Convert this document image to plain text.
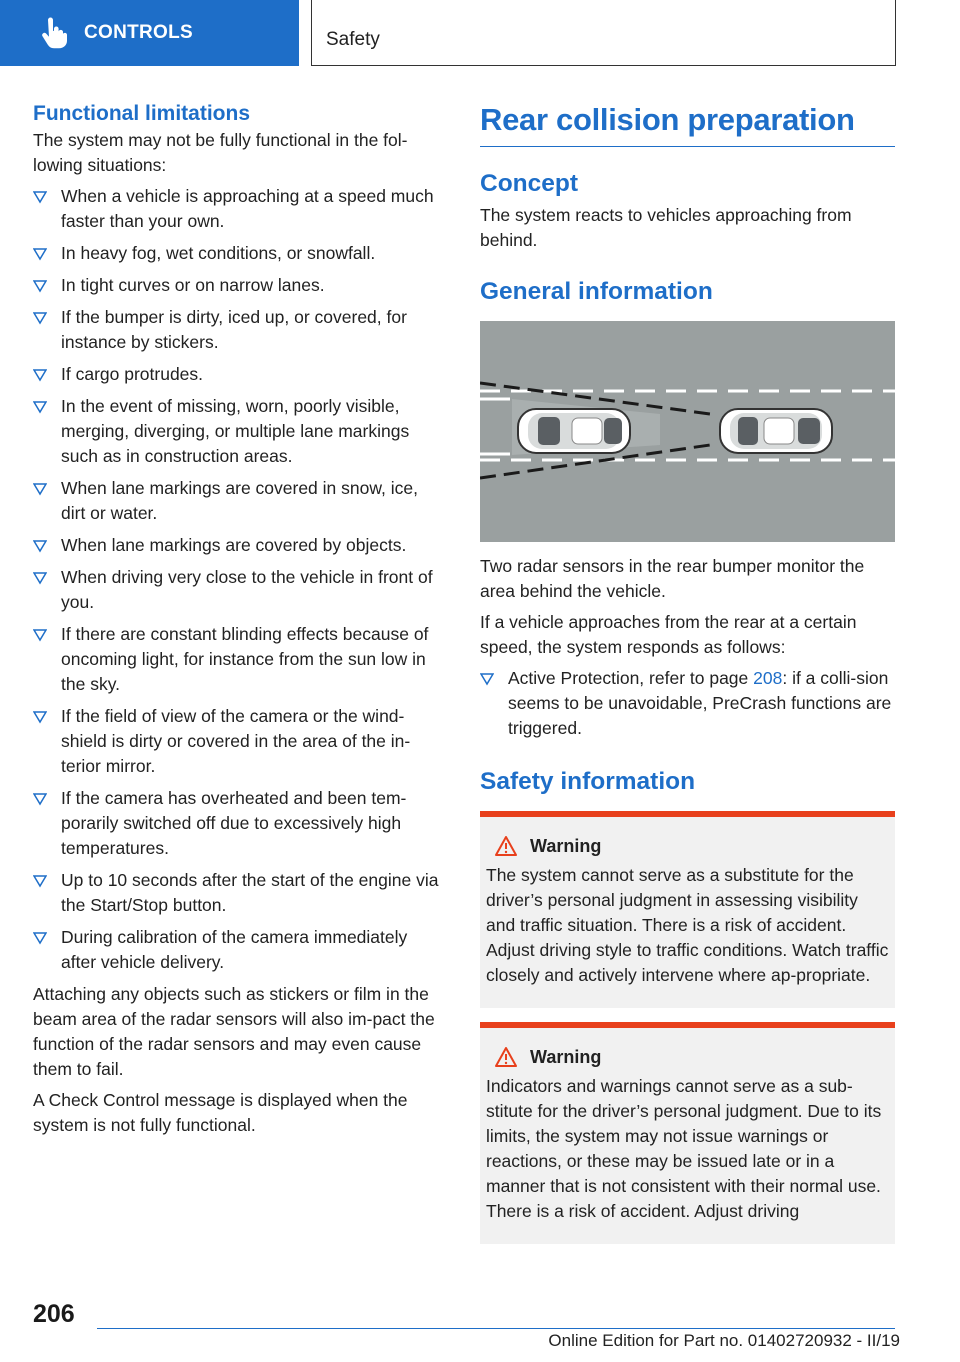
CONTROLS	Safety
Functional limitations

The system may not be fully functional in the fol-lowing situations:

When a vehicle is approaching at a speed much faster than your own.
In heavy fog, wet conditions, or snowfall.
In tight curves or on narrow lanes.
If the bumper is dirty, iced up, or covered, for instance by stickers.
If cargo protrudes.
In the event of missing, worn, poorly visible, merging, diverging, or multiple lane markings such as in construction areas.
When lane markings are covered in snow, ice, dirt or water.
When lane markings are covered by objects.
When driving very close to the vehicle in front of you.
If there are constant blinding effects because of oncoming light, for instance from the sun low in the sky.
If the field of view of the camera or the wind-shield is dirty or covered in the area of the in-terior mirror.
If the camera has overheated and been tem-porarily switched off due to excessively high temperatures.
Up to 10 seconds after the start of the engine via the Start/Stop button.
During calibration of the camera immediately after vehicle delivery.

Attaching any objects such as stickers or film in the beam area of the radar sensors will also im-pact the function of the radar sensors and may even cause them to fail.

A Check Control message is displayed when the system is not fully functional.

Rear collision preparation
Concept

The system reacts to vehicles approaching from behind.

General information

Two radar sensors in the rear bumper monitor the area behind the vehicle.

If a vehicle approaches from the rear at a certain speed, the system responds as follows:

Active Protection, refer to page 208: if a colli-sion seems to be unavoidable, PreCrash functions are triggered.
Safety information
Warning

The system cannot serve as a substitute for the driver’s personal judgment in assessing visibility and traffic situation. There is a risk of accident. Adjust driving style to traffic conditions. Watch traffic closely and actively intervene where ap-propriate.

Warning

Indicators and warnings cannot serve as a sub-stitute for the driver’s personal judgment. Due to its limits, the system may not issue warnings or reactions, or these may be issued late or in a manner that is not consistent with their normal use. There is a risk of accident. Adjust driving

206
Online Edition for Part no. 01402720932 - II/19
